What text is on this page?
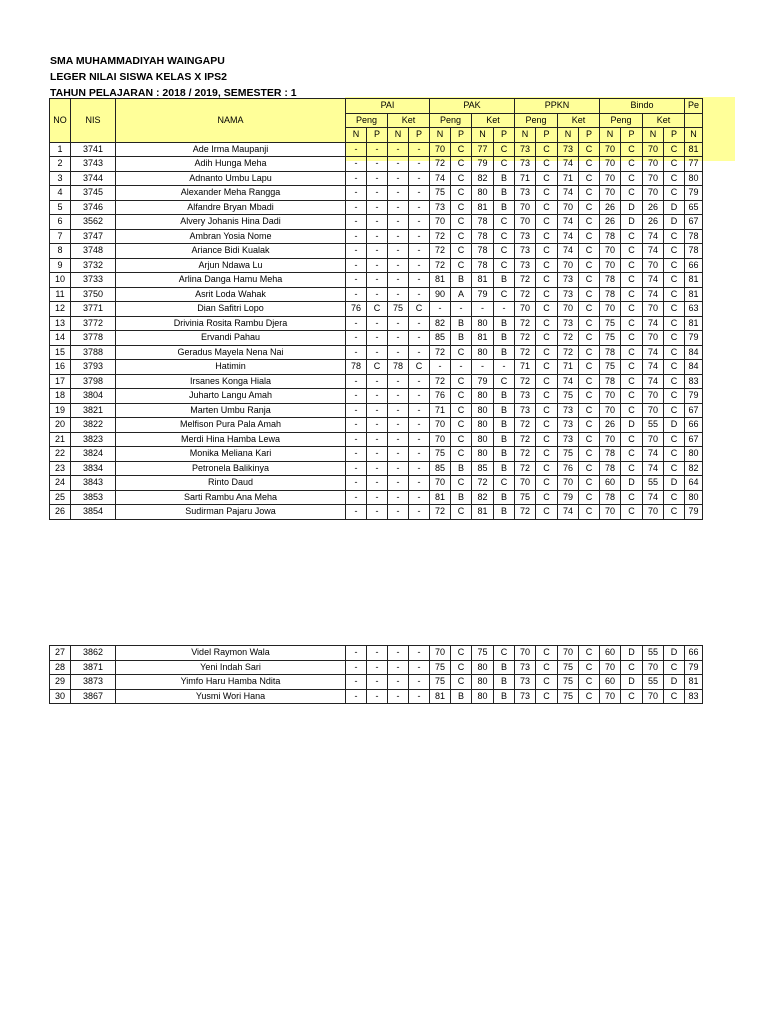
SMA MUHAMMADIYAH WAINGAPU
LEGER NILAI SISWA KELAS X IPS2
TAHUN PELAJARAN : 2018 / 2019, SEMESTER : 1
NO	NIS	NAMA	PAI				PAK				PPKN				Bindo				Pe
			Peng		Ket		Peng		Ket		Peng		Ket		Peng		Ket		
			N	P	N	P	N	P	N	P	N	P	N	P	N	P	N	P	N
1	3741	Ade Irma Maupanji	-	-	-	-	70	C	77	C	73	C	73	C	70	C	70	C	81
2	3743	Adih Hunga Meha	-	-	-	-	72	C	79	C	73	C	74	C	70	C	70	C	77
3	3744	Adnanto Umbu Lapu	-	-	-	-	74	C	82	B	71	C	71	C	70	C	70	C	80
4	3745	Alexander Meha Rangga	-	-	-	-	75	C	80	B	73	C	74	C	70	C	70	C	79
5	3746	Alfandre Bryan Mbadi	-	-	-	-	73	C	81	B	70	C	70	C	26	D	26	D	65
6	3562	Alvery Johanis Hina Dadi	-	-	-	-	70	C	78	C	70	C	74	C	26	D	26	D	67
7	3747	Ambran Yosia Nome	-	-	-	-	72	C	78	C	73	C	74	C	78	C	74	C	78
8	3748	Ariance Bidi Kualak	-	-	-	-	72	C	78	C	73	C	74	C	70	C	74	C	78
9	3732	Arjun Ndawa Lu	-	-	-	-	72	C	78	C	73	C	70	C	70	C	70	C	66
10	3733	Arlina Danga Hamu Meha	-	-	-	-	81	B	81	B	72	C	73	C	78	C	74	C	81
11	3750	Asrit Loda Wahak	-	-	-	-	90	A	79	C	72	C	73	C	78	C	74	C	81
12	3771	Dian Safitri Lopo	76	C	75	C	-	-	-	-	70	C	70	C	70	C	70	C	63
13	3772	Drivinia Rosita Rambu Djera	-	-	-	-	82	B	80	B	72	C	73	C	75	C	74	C	81
14	3778	Ervandi Pahau	-	-	-	-	85	B	81	B	72	C	72	C	75	C	70	C	79
15	3788	Geradus Mayela Nena Nai	-	-	-	-	72	C	80	B	72	C	72	C	78	C	74	C	84
16	3793	Hatimin	78	C	78	C	-	-	-	-	71	C	71	C	75	C	74	C	84
17	3798	Irsanes Konga Hiala	-	-	-	-	72	C	79	C	72	C	74	C	78	C	74	C	83
18	3804	Juharto Langu Amah	-	-	-	-	76	C	80	B	73	C	75	C	70	C	70	C	79
19	3821	Marten Umbu Ranja	-	-	-	-	71	C	80	B	73	C	73	C	70	C	70	C	67
20	3822	Melfison Pura Pala Amah	-	-	-	-	70	C	80	B	72	C	73	C	26	D	55	D	66
21	3823	Merdi Hina Hamba Lewa	-	-	-	-	70	C	80	B	72	C	73	C	70	C	70	C	67
22	3824	Monika Meliana Kari	-	-	-	-	75	C	80	B	72	C	75	C	78	C	74	C	80
23	3834	Petronela Balikinya	-	-	-	-	85	B	85	B	72	C	76	C	78	C	74	C	82
24	3843	Rinto Daud	-	-	-	-	70	C	72	C	70	C	70	C	60	D	55	D	64
25	3853	Sarti Rambu Ana Meha	-	-	-	-	81	B	82	B	75	C	79	C	78	C	74	C	80
26	3854	Sudirman Pajaru Jowa	-	-	-	-	72	C	81	B	72	C	74	C	70	C	70	C	79
27	3862	Videl Raymon Wala	-	-	-	-	70	C	75	C	70	C	70	C	60	D	55	D	66
28	3871	Yeni Indah Sari	-	-	-	-	75	C	80	B	73	C	75	C	70	C	70	C	79
29	3873	Yimfo Haru Hamba Ndita	-	-	-	-	75	C	80	B	73	C	75	C	60	D	55	D	81
30	3867	Yusmi Wori Hana	-	-	-	-	81	B	80	B	73	C	75	C	70	C	70	C	83
